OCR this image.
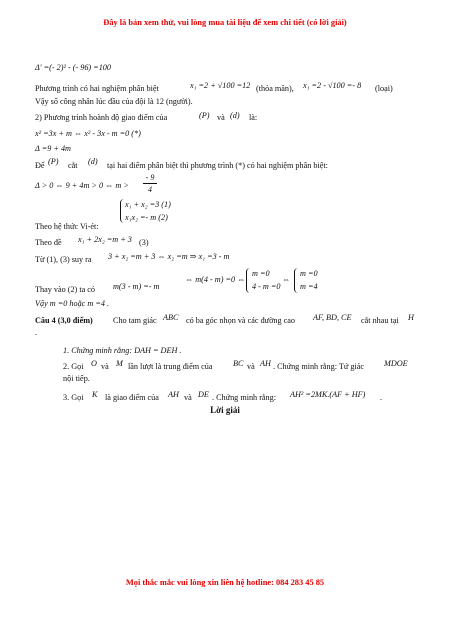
Đây là bản xem thử, vui lòng mua tài liệu để xem chi tiết (có lời giải)
Δ' =(- 2)² - (- 96) =100
Phương trình có hai nghiệm phân biệt	x₁ =2 + √100 =12 (thỏa mãn), x₁ =2 - √100 =- 8 (loại)
Vậy số công nhân lúc đầu của đội là 12 (người).
2) Phương trình hoành độ giao điểm của	(P) và (d) là:
x² =3x + m ⇔ x² - 3x - m =0 (*)
Δ =9 + 4m
Để (P) cắt (d) tại hai điểm phân biệt thì phương trình (*) có hai nghiệm phân biệt:
Δ > 0 ⇔ 9 + 4m > 0 ⇔ m >
- 9
4
x₁ + x₂ =3 (1)
x₁x₂ =- m (2)
Theo hệ thức Vi-ét:
Theo đề x₁ + 2x₂ =m + 3 (3)
Từ (1), (3) suy ra 3 + x₂ =m + 3 ⇔ x₂ =m ⇒ x₁ =3 - m
Thay vào (2) ta có m(3 - m) =- m
⇔ m(4 - m) =0 ⇔
m =0
4 - m =0
⇔
m =0
m =4
Vậy m =0 hoặc m =4 .
Câu 4 (3,0 điểm) Cho tam giác ABC có ba góc nhọn và các đường cao AF, BD, CE cắt nhau tại H
.
1. Chứng minh rằng: DAH = DEH .
2. Gọi O và M lần lượt là trung điểm của	BC và AH . Chứng minh rằng: Tứ giác MDOE
nội tiếp.
3. Gọi K là giao điểm của AH và DE . Chứng minh rằng: AH² =2MK.(AF + HF) .
Lời giải
Mọi thắc mắc vui lòng xin liên hệ hotline: 084 283 45 85
